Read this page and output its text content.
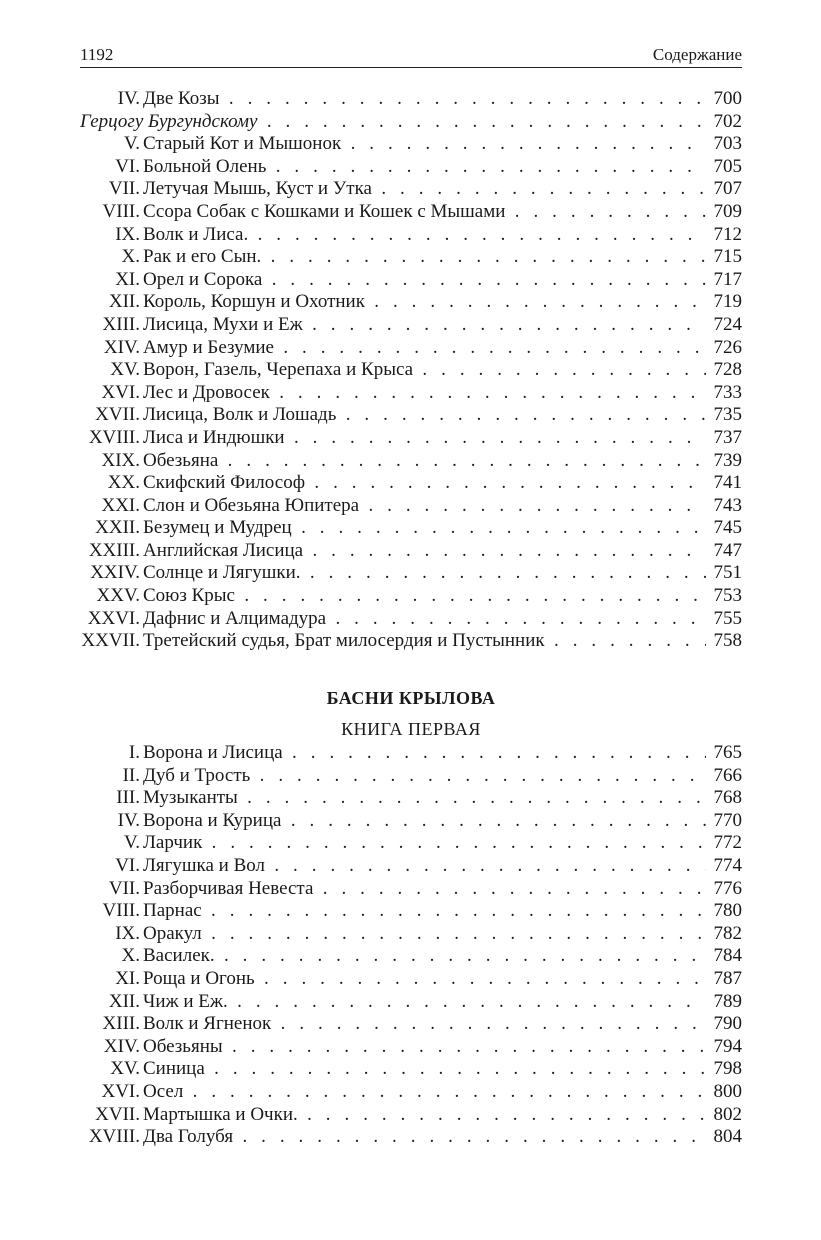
1192	Содержание
IV. Две Козы . . .	700
Герцогу Бургундскому . . .	702
V. Старый Кот и Мышонок . . .	703
VI. Больной Олень . . .	705
VII. Летучая Мышь, Куст и Утка . . .	707
VIII. Ссора Собак с Кошками и Кошек с Мышами . . .	709
IX. Волк и Лиса. . . .	712
X. Рак и его Сын. . . .	715
XI. Орел и Сорока . . .	717
XII. Король, Коршун и Охотник . . .	719
XIII. Лисица, Мухи и Еж . . .	724
XIV. Амур и Безумие . . .	726
XV. Ворон, Газель, Черепаха и Крыса . . .	728
XVI. Лес и Дровосек . . .	733
XVII. Лисица, Волк и Лошадь . . .	735
XVIII. Лиса и Индюшки . . .	737
XIX. Обезьяна . . .	739
XX. Скифский Философ . . .	741
XXI. Слон и Обезьяна Юпитера . . .	743
XXII. Безумец и Мудрец . . .	745
XXIII. Английская Лисица . . .	747
XXIV. Солнце и Лягушки. . . .	751
XXV. Союз Крыс . . .	753
XXVI. Дафнис и Алцимадура . . .	755
XXVII. Третейский судья, Брат милосердия и Пустынник . . .	758
БАСНИ КРЫЛОВА
КНИГА ПЕРВАЯ
I. Ворона и Лисица . . .	765
II. Дуб и Трость . . .	766
III. Музыканты . . .	768
IV. Ворона и Курица . . .	770
V. Ларчик . . .	772
VI. Лягушка и Вол . . .	774
VII. Разборчивая Невеста . . .	776
VIII. Парнас . . .	780
IX. Оракул . . .	782
X. Василек. . . .	784
XI. Роща и Огонь . . .	787
XII. Чиж и Еж. . . .	789
XIII. Волк и Ягненок . . .	790
XIV. Обезьяны . . .	794
XV. Синица . . .	798
XVI. Осел . . .	800
XVII. Мартышка и Очки. . . .	802
XVIII. Два Голубя . . .	804
